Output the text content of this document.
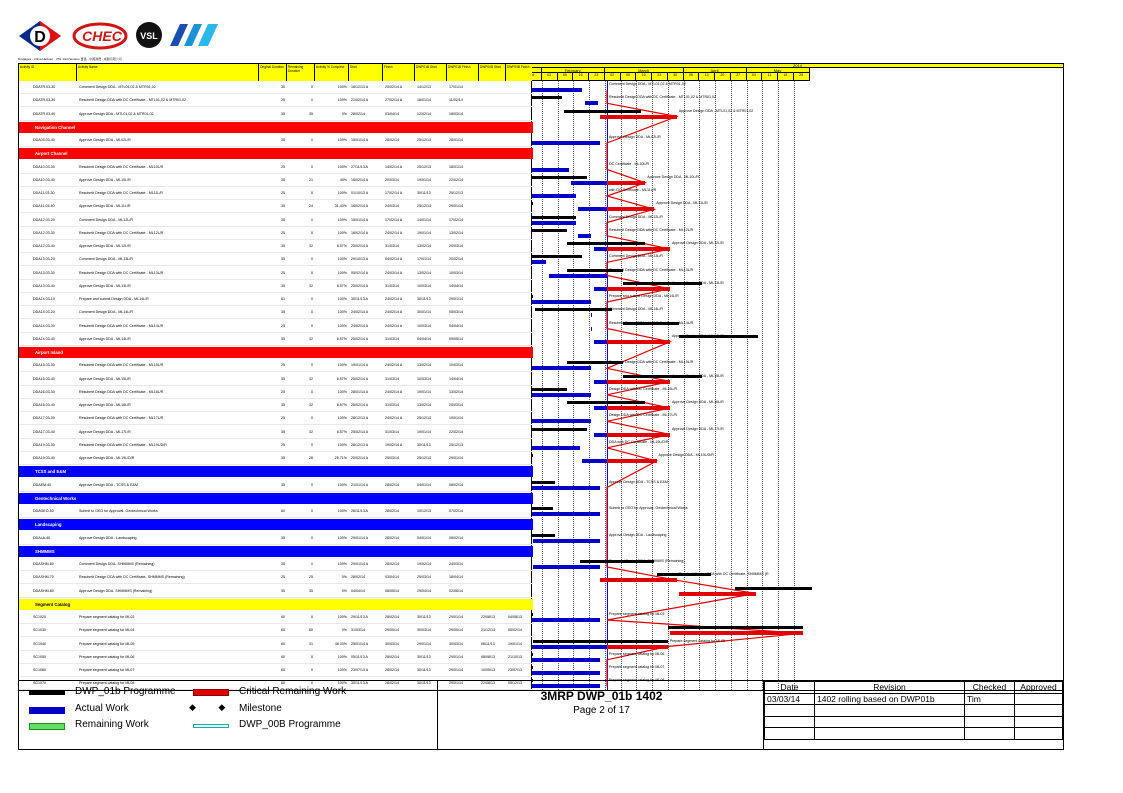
D	CHEC VSL
Dragages - China Harbour - VSL Joint Venture 寶嘉 - 中國港灣 - 威勝有限公司
Activity ID	Activity Name	Original Duration	Remaining Duration
Activity % Complete	Start	Finish	DWP01B Start	DWP01B Finish	DWP00B Start	DWP00B Finish
DDATR.03-30	Comment Design DDA - MTL01,02 & MTR01,02	35	0	100% 18/12/13 A	20/02/14 A	14/12/13	17/01/14
DDATR.03-30	Resubmit Design DDA with DC Certificate - MTL01,02 & MTR01,02	25	0	100% 21/02/14 A	27/02/14 A	18/01/14	11/02/14
DDATR.03-40	Approve Design DDA - MTL01,02 & MTR01,02	35	35	0% 28/02/14	03/04/14	12/02/14	18/03/14
Navigation Channel
DDA03.03-40	Approve Design DDA - ML02L/R	35	0	100% 15/01/14 A	28/02/14	25/12/13	28/01/14
Airport Channel
DDA10.03-30	Resubmit Design DDA with DC Certificate - ML10L/R	25	0	100% 27/11/13 A	14/02/14 A	25/12/13	18/01/14
DDA10.03-40	Approve Design DDA - ML10L/R	35	21	40% 15/02/14 A	20/03/14	19/01/14	22/02/14
DDA11.03-30	Resubmit Design DDA with DC Certificate - ML11L/R	25	0	100% 01/10/13 A	17/02/14 A	30/11/13	25/12/13
DDA11.03-40	Approve Design DDA - ML11L/R	35	24	31.43% 18/02/14 A	24/03/14	25/12/13	29/01/14
DDA12.03-20	Comment Design DDA - ML12L/R	35	0	100% 15/01/14 A	17/02/14 A	14/01/14	17/02/14
DDA12.03-30	Resubmit Design DDA with DC Certificate - ML12L/R	25	0	100% 18/02/14 A	24/02/14 A	19/01/14	13/02/14
DDA12.03-40	Approve Design DDA - ML12L/R	35	32	8.57% 25/02/14 A	31/03/14	13/02/14	20/03/14
DDA13.03-20	Comment Design DDA - ML13L/R	35	0	100% 29/10/13 A	04/02/14 A	17/01/14	20/02/14
DDA13.03-30	Resubmit Design DDA with DC Certificate - ML13L/R	25	0	100% 05/02/14 A	24/03/14 A	13/02/14	10/03/14
DDA13.03-40	Approve Design DDA - ML13L/R	35	32	8.57% 25/02/14 A	31/03/14	10/03/14	14/04/14
DDA14.03-10	Prepare and submit Design DDA - ML14L/R	61	0	100% 30/11/13 A	24/02/14 A	30/11/13	29/01/14
DDA14.03-20	Comment Design DDA - ML14L/R	35	0	100% 24/02/14 A	24/02/14 A	30/01/14	05/03/14
DDA14.03-30	Resubmit Design DDA with DC Certificate - ML14L/R	25	0	100% 24/02/14 A	24/02/14 A	10/03/14	04/04/14
DDA14.03-40	Approve Design DDA - ML14L/R	35	32	8.57% 25/02/14 A	31/03/14	04/04/14	09/05/14
Airport Island
DDA15.03-30	Resubmit Design DDA with DC Certificate - ML15L/R	25	0	100% 19/01/14 A	24/02/14 A	13/02/14	10/03/14
DDA15.03-40	Approve Design DDA - ML15L/R	35	32	8.57% 25/02/14 A	31/03/14	10/03/14	14/04/14
DDA16.03-30	Resubmit Design DDA with DC Certificate - ML16L/R	25	0	100% 28/01/14 A	24/02/14 A	19/01/14	13/02/14
DDA16.03-40	Approve Design DDA - ML16L/R	35	32	8.57% 25/02/14 A	31/03/14	13/02/14	20/03/14
DDA17.03-30	Resubmit Design DDA with DC Certificate - ML17L/R	25	0	100% 28/12/13 A	24/02/14 A	25/12/13	19/01/14
DDA17.03-40	Approve Design DDA - ML17L/R	35	32	8.57% 25/02/14 A	31/03/14	19/01/14	22/02/14
DDA19.03-30	Resubmit Design DDA with DC Certificate - ML19L/D/R	25	0	100% 28/12/13 A	19/02/14 A	30/11/13	25/12/13
DDA19.03-40	Approve Design DDA - ML19L/D/R	35	26	25.71% 20/02/14 A	25/03/14	25/12/13	29/01/14
TCSS and E&M
DDAEM-40	Approve Design DDA - TCSS & E&M	35	0	100% 21/01/14 A	28/02/14	04/01/14	08/02/14
Geotechnical Works
DDAGEO-50	Submit to GEO for Approval- Geotechnical Works	60	0	100% 26/11/13 A	28/02/14	10/12/13	07/02/14
Landscaping
DDALA-40	Approve Design DDA - Landscaping	35	0	100% 29/01/14 A	28/02/14	04/01/14	08/02/14
SHMMMS
DDASHM-60	Comment Design DDA- SHMMMS (Remaining)	35	0	100% 29/01/14 A	28/02/14	19/02/14	24/03/14
DDASHM-70	Resubmit Design DDA with DC Certificate- SHMMMS (Remaining)	25	25	0% 28/02/14	03/04/14	25/03/14	18/04/14
DDASHM-80	Approve Design DDA- SHMMMS (Remaining)	35	35	0% 04/04/14	08/05/14	29/04/14	02/06/14
Segment Catalog
SC1020	Prepare segment catalog for ML03	60	0	100% 29/11/13 A	28/02/14	30/11/13	29/01/14	22/08/13	04/08/13
SC1030	Prepare segment catalog for ML04	60	60	0% 31/03/14	29/05/14	30/03/14	29/05/14	21/12/13	05/02/14
SC1040	Prepare segment catalog for ML05	60	31	48.33% 25/01/14 A	30/03/14	29/01/14	30/03/14	06/11/13	19/01/14
SC1050	Prepare segment catalog for ML06	60	0	100% 05/11/13 A	28/02/14	30/11/13	29/01/14	08/08/13	21/10/13
SC1060	Prepare segment catalog for ML07	60	0	100% 23/07/13 A	28/02/14	30/11/13	29/01/14	10/05/13	23/07/13
SC1070	Prepare segment catalog for ML08	60	0	100% 30/11/13 A	28/02/14	30/11/13	29/01/14	22/08/13	05/12/13
2014
6
February
02	09	16	23
March
02	09	16	23	30
April
06	13	20	27
May
04	11	18	25
Comment Design DDA - MTL01,02 & MTR01,02
Resubmit Design DDA with DC Certificate - MTL01,02 & MTR01,02
Approve Design DDA - MTL01,02 & MTR01,02
Approve Design DDA - ML02L/R
DC Certificate - ML10L/R
Approve Design DDA - ML10L/R
with DC Certificate - ML11L/R
Approve Design DDA - ML11L/R
Comment Design DDA - ML12L/R
Resubmit Design DDA with DC Certificate - ML12L/R
Approve Design DDA - ML12L/R
Comment Design DDA - ML13L/R
Resubmit Design DDA with DC Certificate - ML13L/R
Approve Design DDA - ML13L/R
Prepare and submit Design DDA - ML14L/R
Comment Design DDA - ML14L/R
Resubmit Design DDA with DC Certificate - ML14L/R
Approve Design DDA - ML14L/R
Resubmit Design DDA with DC Certificate - ML15L/R
Approve Design DDA - ML15L/R
Design DDA with DC Certificate - ML16L/R
Approve Design DDA - ML16L/R
Design DDA with DC Certificate - ML17L/R
Approve Design DDA - ML17L/R
DDA with DC Certificate - ML19L/D/R
Approve Design DDA - ML19L/D/R
Approve Design DDA - TCSS & E&M
Submit to GEO for Approval- Geotechnical Works
Approve Design DDA - Landscaping
Comment Design DDA- SHMMMS (Remaining)
Resubmit Design DDA with DC Certificate- SHMMMS (R
Prepare segment catalog for ML03
Prepare segment catalog for ML05
Prepare segment catalog for ML06
Prepare segment catalog for ML07
Prepare segment catalog for ML08
DWP_01b Programme	Critical Remaining Work
Actual Work	◆         ◆ Milestone
Remaining Work	DWP_00B Programme
3MRP DWP_01b 1402
Page 2 of 17
Date	Revision	Checked	Approved
03/03/14	1402 rolling based on DWP01b	Tim	
